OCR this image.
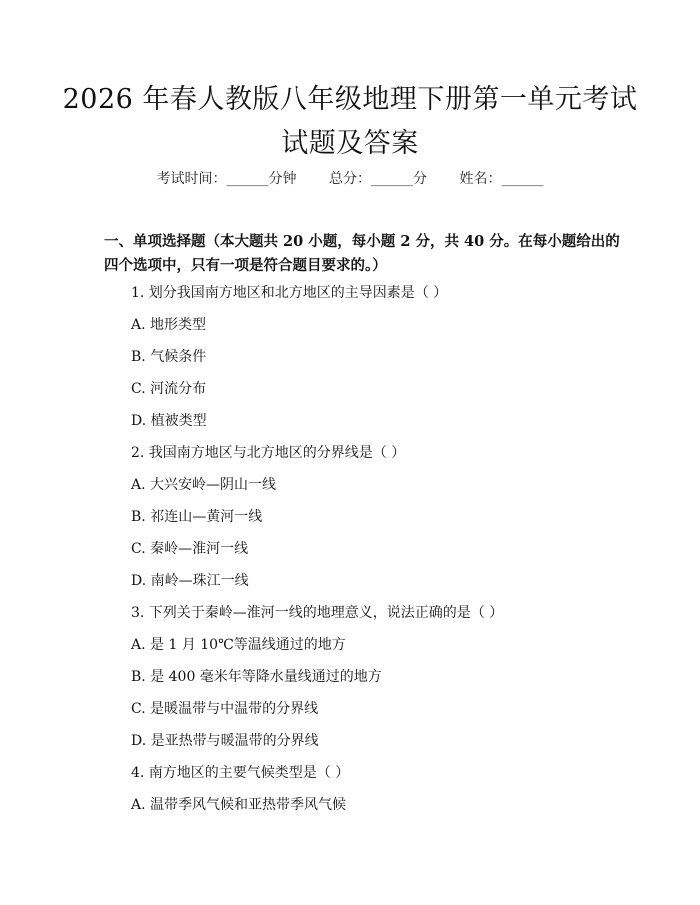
2026 年春人教版八年级地理下册第一单元考试试题及答案
考试时间：______分钟 总分：______分 姓名：______
一、单项选择题（本大题共 20 小题，每小题 2 分，共 40 分。在每小题给出的四个选项中，只有一项是符合题目要求的。）
1. 划分我国南方地区和北方地区的主导因素是（ ）
A. 地形类型
B. 气候条件
C. 河流分布
D. 植被类型
2. 我国南方地区与北方地区的分界线是（ ）
A. 大兴安岭—阴山一线
B. 祁连山—黄河一线
C. 秦岭—淮河一线
D. 南岭—珠江一线
3. 下列关于秦岭—淮河一线的地理意义，说法正确的是（ ）
A. 是 1 月 10℃等温线通过的地方
B. 是 400 毫米年等降水量线通过的地方
C. 是暖温带与中温带的分界线
D. 是亚热带与暖温带的分界线
4. 南方地区的主要气候类型是（ ）
A. 温带季风气候和亚热带季风气候
